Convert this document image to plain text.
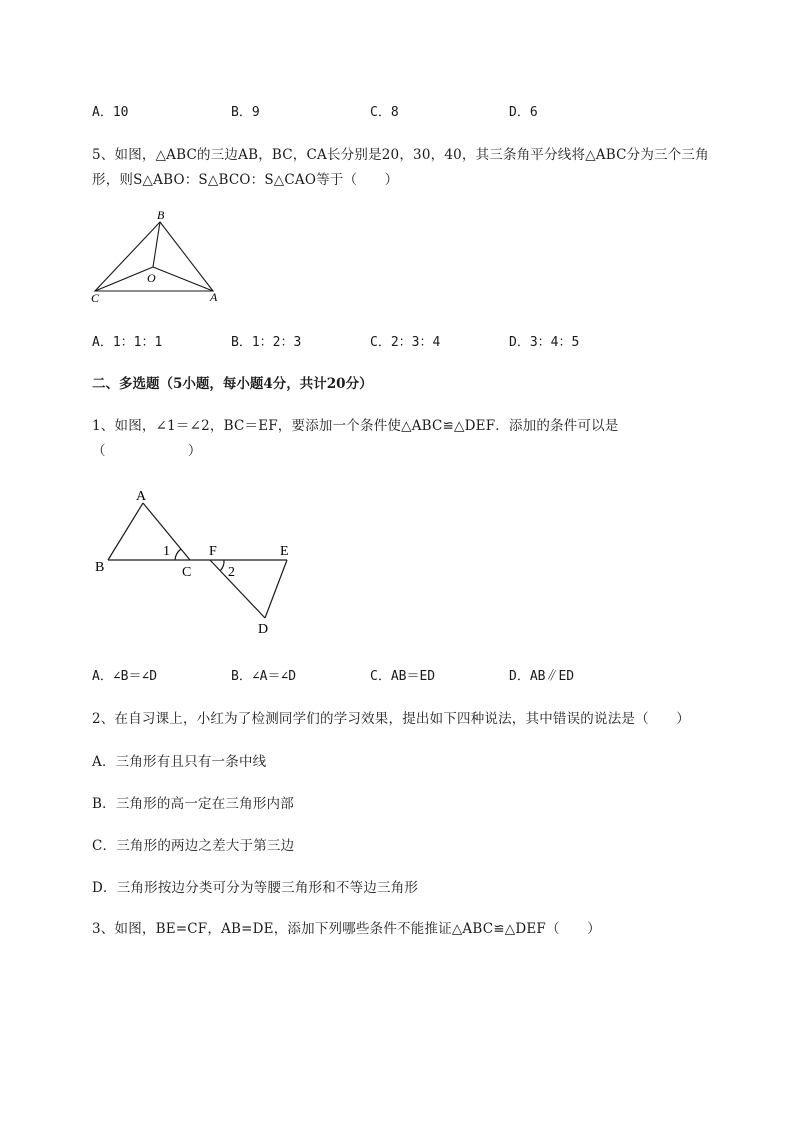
A．10	B．9	C．8	D．6
5、如图，△ABC的三边AB，BC，CA长分别是20，30，40，其三条角平分线将△ABC分为三个三角
形，则S△ABO：S△BCO：S△CAO等于（　　）
B
C	A
O
A．1：1：1	B．1：2：3	C．2：3：4	D．3：4：5
二、多选题（5小题，每小题4分，共计20分）
1、如图，∠1＝∠2，BC＝EF，要添加一个条件使△ABC≌△DEF．添加的条件可以是
（　　　　　　）
A
B	C
1	F
2
E
D
A．∠B＝∠D	B．∠A＝∠D	C．AB＝ED	D．AB∥ED
2、在自习课上，小红为了检测同学们的学习效果，提出如下四种说法，其中错误的说法是（　　）
A．三角形有且只有一条中线
B．三角形的高一定在三角形内部
C．三角形的两边之差大于第三边
D．三角形按边分类可分为等腰三角形和不等边三角形
3、如图，BE=CF，AB=DE，添加下列哪些条件不能推证△ABC≌△DEF（　　）
